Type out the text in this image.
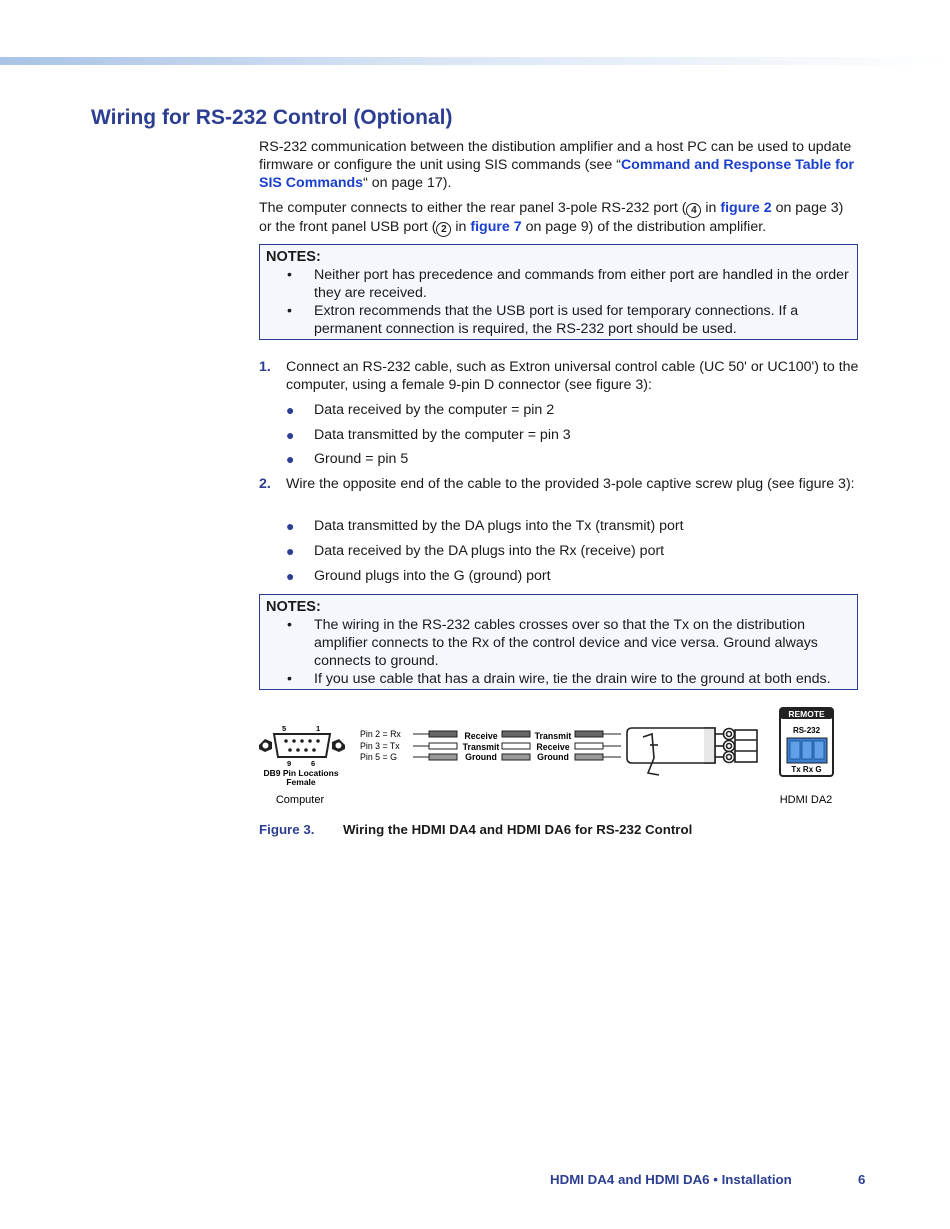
Wiring for RS-232 Control (Optional)

RS-232 communication between the distibution amplifier and a host PC can be used to update firmware or configure the unit using SIS commands (see “Command and Response Table for SIS Commands“ on page 17).

The computer connects to either the rear panel 3-pole RS-232 port ( 4 in figure 2 on page 3) or the front panel USB port ( 2 in figure 7 on page 9) of the distribution amplifier.

NOTES:
• Neither port has precedence and commands from either port are handled in the order they are received.
• Extron recommends that the USB port is used for temporary connections. If a permanent connection is required, the RS-232 port should be used.
1. Connect an RS-232 cable, such as Extron universal control cable (UC 50' or UC100') to the computer, using a female 9-pin D connector (see figure 3):
● Data received by the computer = pin 2
● Data transmitted by the computer = pin 3
● Ground = pin 5
2. Wire the opposite end of the cable to the provided 3-pole captive screw plug (see figure 3):
● Data transmitted by the DA plugs into the Tx (transmit) port
● Data received by the DA plugs into the Rx (receive) port
● Ground plugs into the G (ground) port
NOTES:
• The wiring in the RS-232 cables crosses over so that the Tx on the distribution amplifier connects to the Rx of the control device and vice versa. Ground always connects to ground.
• If you use cable that has a drain wire, tie the drain wire to the ground at both ends.
5	1
9	6
DB9 Pin Locations
Female
Computer
Pin 2 = Rx
Pin 3 = Tx
Pin 5 = G
Receive
Transmit
Ground
Transmit
Receive
Ground
REMOTE
RS-232
Tx Rx G
HDMI DA2
Figure 3. Wiring the HDMI DA4 and HDMI DA6 for RS-232 Control
HDMI DA4 and HDMI DA6 • Installation	6
